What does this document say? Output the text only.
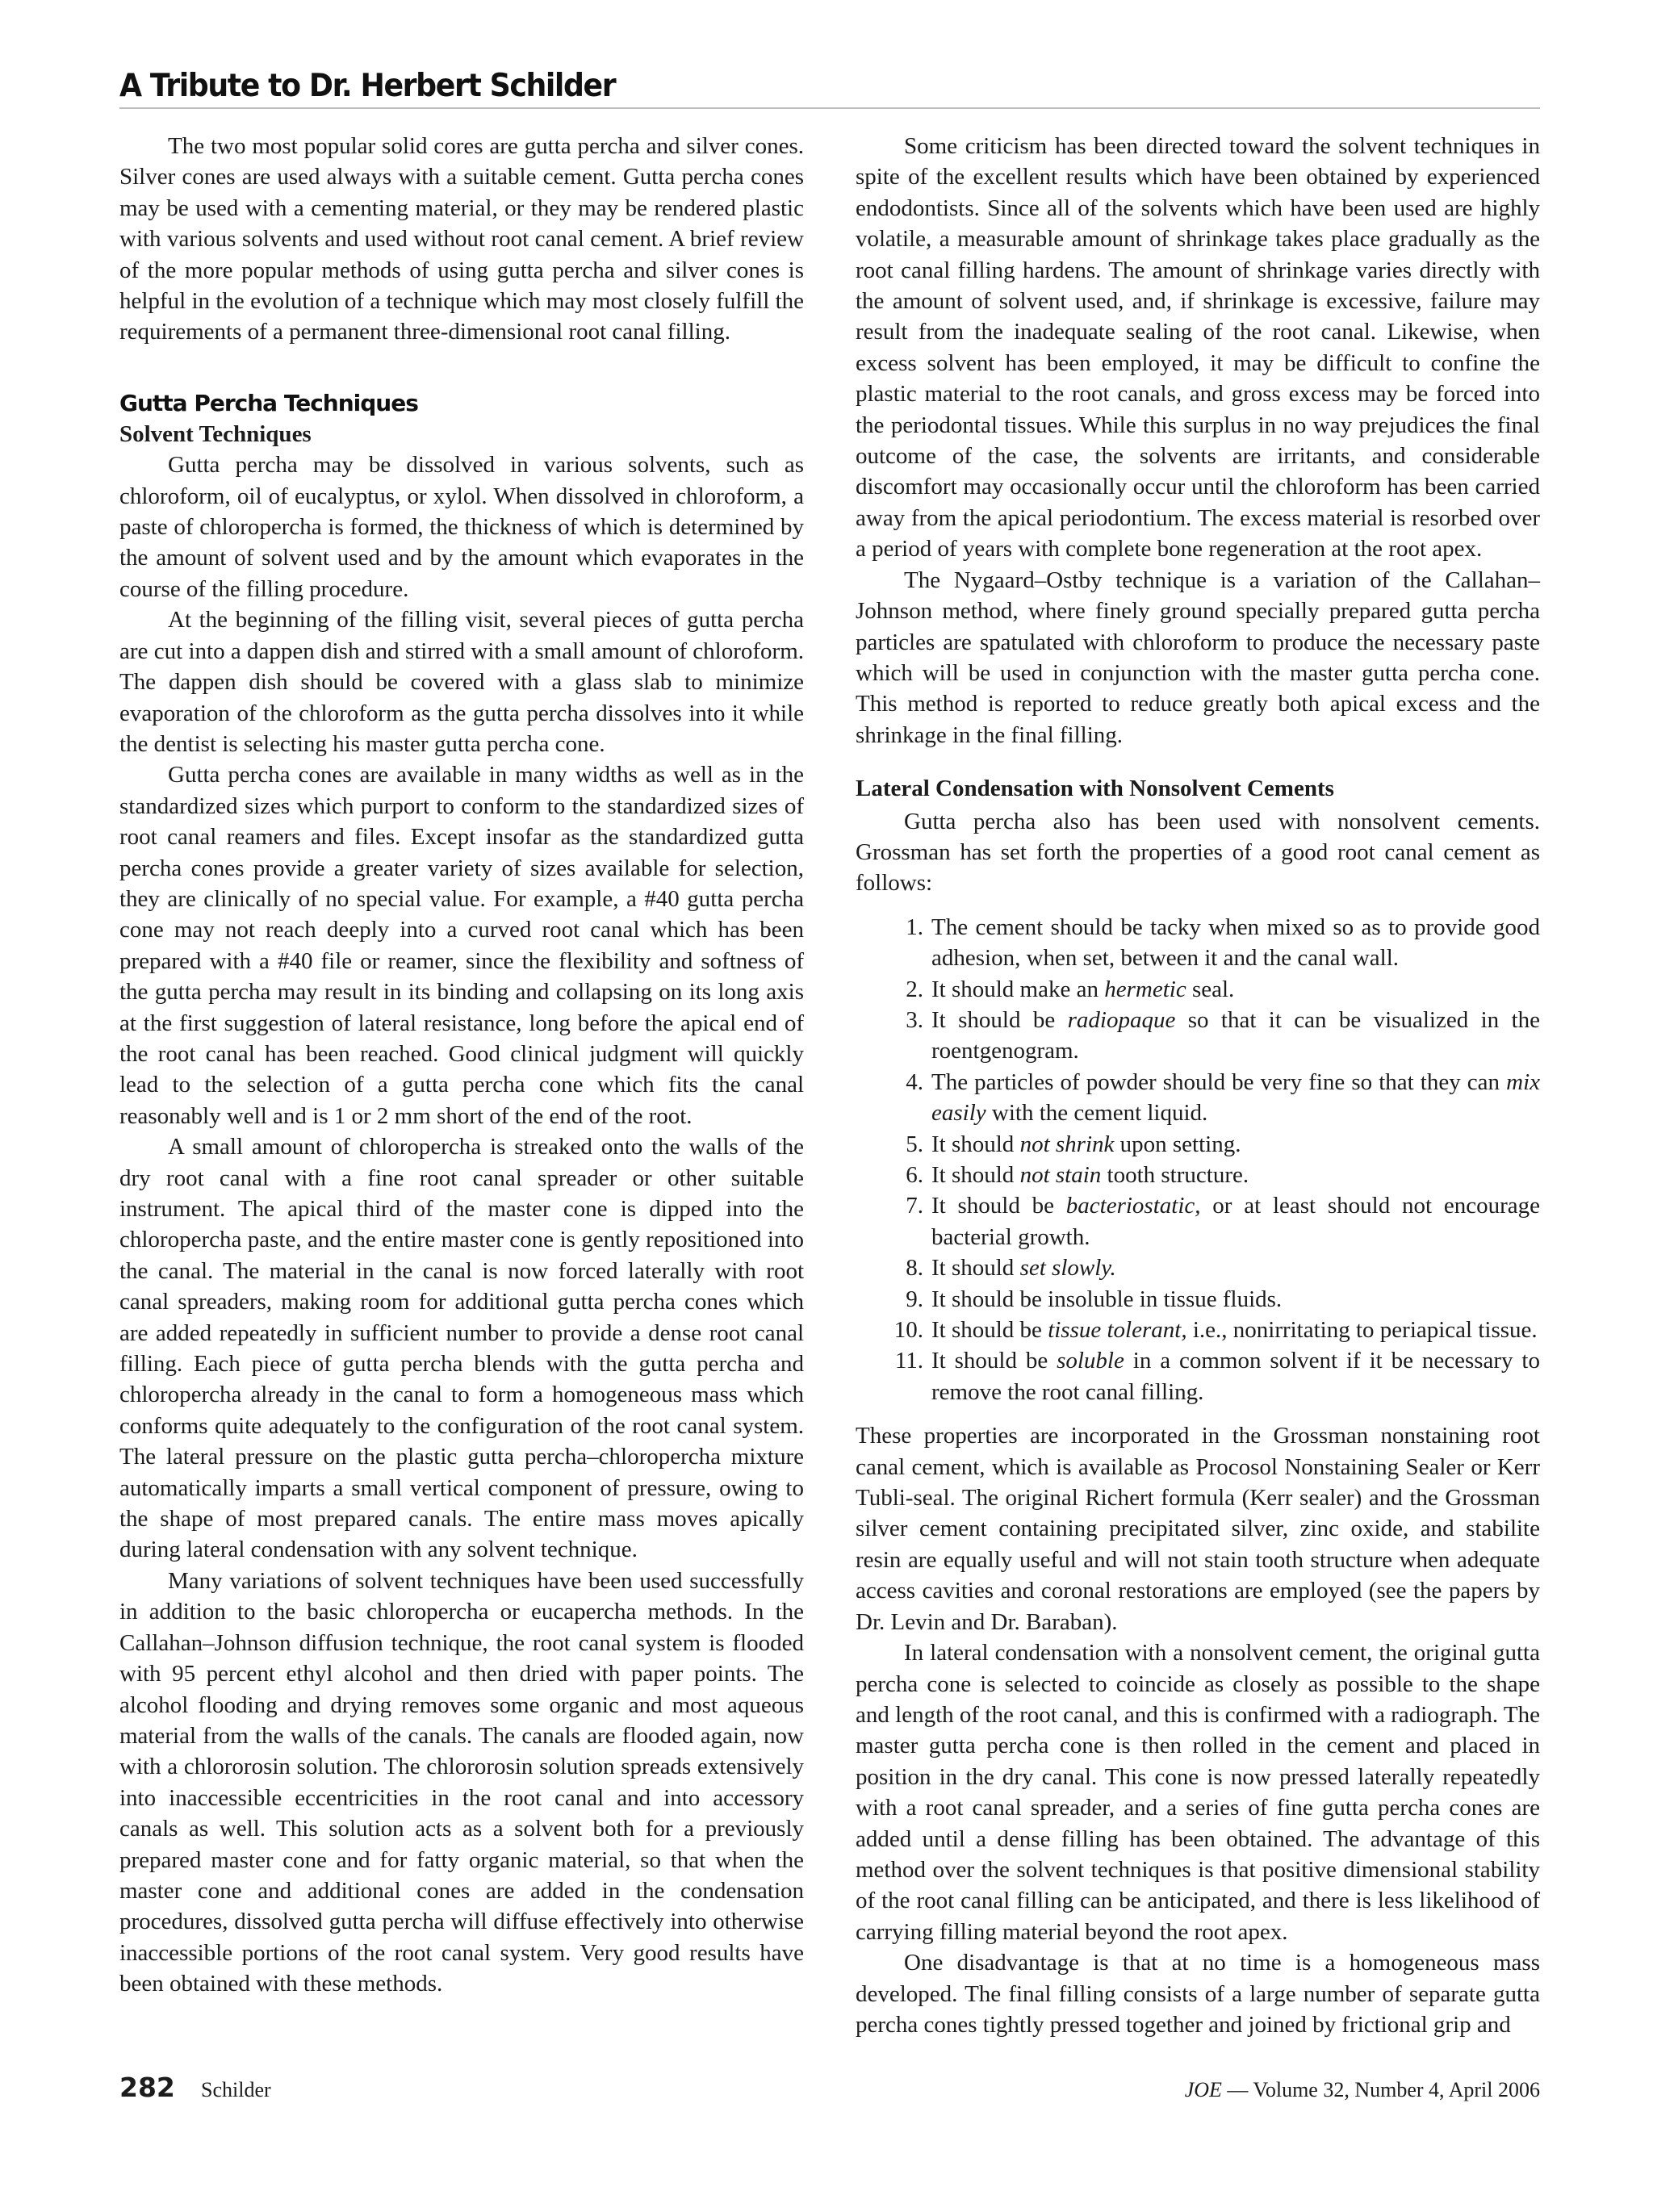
A Tribute to Dr. Herbert Schilder

The two most popular solid cores are gutta percha and silver cones. Silver cones are used always with a suitable cement. Gutta percha cones may be used with a cementing material, or they may be rendered plastic with various solvents and used without root canal cement. A brief review of the more popular methods of using gutta percha and silver cones is helpful in the evolution of a technique which may most closely fulfill the requirements of a permanent three-dimensional root canal filling.

Gutta Percha Techniques
Solvent Techniques

Gutta percha may be dissolved in various solvents, such as chloroform, oil of eucalyptus, or xylol. When dissolved in chloroform, a paste of chloropercha is formed, the thickness of which is determined by the amount of solvent used and by the amount which evaporates in the course of the filling procedure.

At the beginning of the filling visit, several pieces of gutta percha are cut into a dappen dish and stirred with a small amount of chloroform. The dappen dish should be covered with a glass slab to minimize evaporation of the chloroform as the gutta percha dissolves into it while the dentist is selecting his master gutta percha cone.

Gutta percha cones are available in many widths as well as in the standardized sizes which purport to conform to the standardized sizes of root canal reamers and files. Except insofar as the standardized gutta percha cones provide a greater variety of sizes available for selection, they are clinically of no special value. For example, a #40 gutta percha cone may not reach deeply into a curved root canal which has been prepared with a #40 file or reamer, since the flexibility and softness of the gutta percha may result in its binding and collapsing on its long axis at the first suggestion of lateral resistance, long before the apical end of the root canal has been reached. Good clinical judgment will quickly lead to the selection of a gutta percha cone which fits the canal reasonably well and is 1 or 2 mm short of the end of the root.

A small amount of chloropercha is streaked onto the walls of the dry root canal with a fine root canal spreader or other suitable instrument. The apical third of the master cone is dipped into the chloropercha paste, and the entire master cone is gently repositioned into the canal. The material in the canal is now forced laterally with root canal spreaders, making room for additional gutta percha cones which are added repeatedly in sufficient number to provide a dense root canal filling. Each piece of gutta percha blends with the gutta percha and chloropercha already in the canal to form a homogeneous mass which conforms quite adequately to the configuration of the root canal system. The lateral pressure on the plastic gutta percha–chloropercha mixture automatically imparts a small vertical component of pressure, owing to the shape of most prepared canals. The entire mass moves apically during lateral condensation with any solvent technique.

Many variations of solvent techniques have been used successfully in addition to the basic chloropercha or eucapercha methods. In the Callahan–Johnson diffusion technique, the root canal system is flooded with 95 percent ethyl alcohol and then dried with paper points. The alcohol flooding and drying removes some organic and most aqueous material from the walls of the canals. The canals are flooded again, now with a chlororosin solution. The chlororosin solution spreads extensively into inaccessible eccentricities in the root canal and into accessory canals as well. This solution acts as a solvent both for a previously prepared master cone and for fatty organic material, so that when the master cone and additional cones are added in the condensation procedures, dissolved gutta percha will diffuse effectively into otherwise inaccessible portions of the root canal system. Very good results have been obtained with these methods.

Some criticism has been directed toward the solvent techniques in spite of the excellent results which have been obtained by experienced endodontists. Since all of the solvents which have been used are highly volatile, a measurable amount of shrinkage takes place gradually as the root canal filling hardens. The amount of shrinkage varies directly with the amount of solvent used, and, if shrinkage is excessive, failure may result from the inadequate sealing of the root canal. Likewise, when excess solvent has been employed, it may be difficult to confine the plastic material to the root canals, and gross excess may be forced into the periodontal tissues. While this surplus in no way prejudices the final outcome of the case, the solvents are irritants, and considerable discomfort may occasionally occur until the chloroform has been carried away from the apical periodontium. The excess material is resorbed over a period of years with complete bone regeneration at the root apex.

The Nygaard–Ostby technique is a variation of the Callahan–Johnson method, where finely ground specially prepared gutta percha particles are spatulated with chloroform to produce the necessary paste which will be used in conjunction with the master gutta percha cone. This method is reported to reduce greatly both apical excess and the shrinkage in the final filling.

Lateral Condensation with Nonsolvent Cements

Gutta percha also has been used with nonsolvent cements. Grossman has set forth the properties of a good root canal cement as follows:

1. The cement should be tacky when mixed so as to provide good adhesion, when set, between it and the canal wall.
2. It should make an hermetic seal.
3. It should be radiopaque so that it can be visualized in the roentgenogram.
4. The particles of powder should be very fine so that they can mix easily with the cement liquid.
5. It should not shrink upon setting.
6. It should not stain tooth structure.
7. It should be bacteriostatic, or at least should not encourage bacterial growth.
8. It should set slowly.
9. It should be insoluble in tissue fluids.
10. It should be tissue tolerant, i.e., nonirritating to periapical tissue.
11. It should be soluble in a common solvent if it be necessary to remove the root canal filling.

These properties are incorporated in the Grossman nonstaining root canal cement, which is available as Procosol Nonstaining Sealer or Kerr Tubli-seal. The original Richert formula (Kerr sealer) and the Grossman silver cement containing precipitated silver, zinc oxide, and stabilite resin are equally useful and will not stain tooth structure when adequate access cavities and coronal restorations are employed (see the papers by Dr. Levin and Dr. Baraban).

In lateral condensation with a nonsolvent cement, the original gutta percha cone is selected to coincide as closely as possible to the shape and length of the root canal, and this is confirmed with a radiograph. The master gutta percha cone is then rolled in the cement and placed in position in the dry canal. This cone is now pressed laterally repeatedly with a root canal spreader, and a series of fine gutta percha cones are added until a dense filling has been obtained. The advantage of this method over the solvent techniques is that positive dimensional stability of the root canal filling can be anticipated, and there is less likelihood of carrying filling material beyond the root apex.

One disadvantage is that at no time is a homogeneous mass developed. The final filling consists of a large number of separate gutta percha cones tightly pressed together and joined by frictional grip and

282 Schilder	JOE — Volume 32, Number 4, April 2006
